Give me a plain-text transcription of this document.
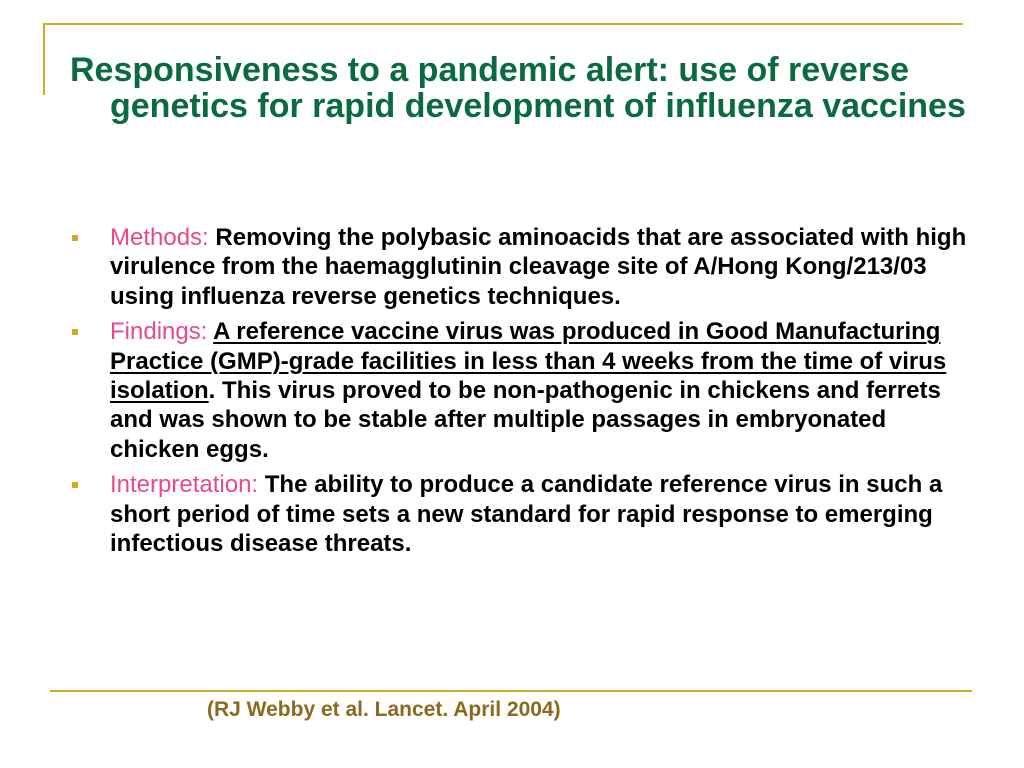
Responsiveness to a pandemic alert: use of reverse genetics for rapid development of influenza vaccines
Methods: Removing the polybasic aminoacids that are associated with high virulence from the haemagglutinin cleavage site of A/Hong Kong/213/03 using influenza reverse genetics techniques.
Findings: A reference vaccine virus was produced in Good Manufacturing Practice (GMP)-grade facilities in less than 4 weeks from the time of virus isolation. This virus proved to be non-pathogenic in chickens and ferrets and was shown to be stable after multiple passages in embryonated chicken eggs.
Interpretation: The ability to produce a candidate reference virus in such a short period of time sets a new standard for rapid response to emerging infectious disease threats.
(RJ Webby et al. Lancet. April 2004)
